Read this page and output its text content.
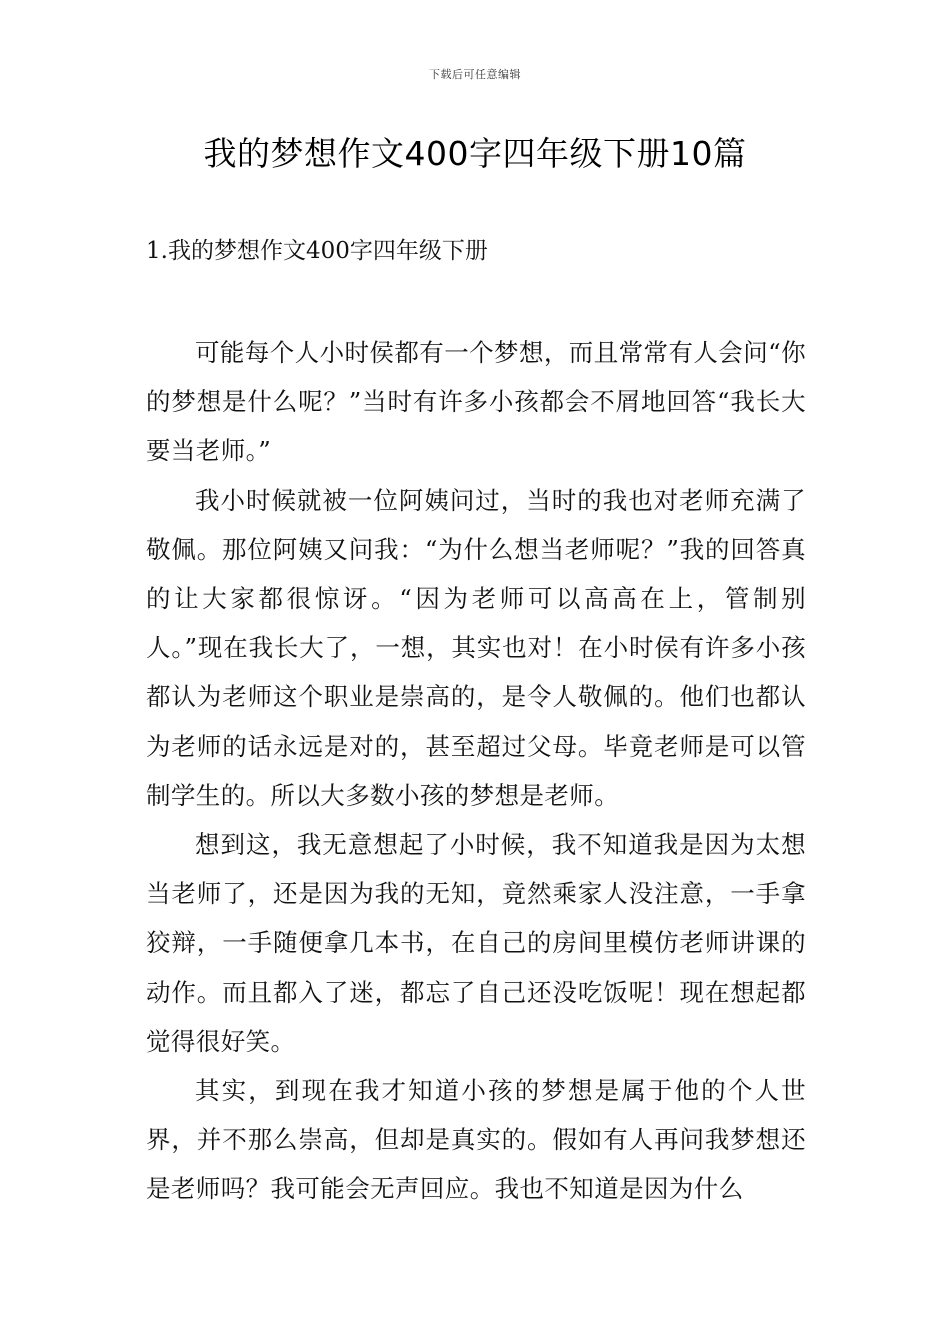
下载后可任意编辑
我的梦想作文400字四年级下册10篇
1.我的梦想作文400字四年级下册

可能每个人小时侯都有一个梦想，而且常常有人会问“你的梦想是什么呢？”当时有许多小孩都会不屑地回答“我长大要当老师。”

我小时候就被一位阿姨问过，当时的我也对老师充满了敬佩。那位阿姨又问我：“为什么想当老师呢？”我的回答真的让大家都很惊讶。“因为老师可以高高在上，管制别人。”现在我长大了，一想，其实也对！在小时侯有许多小孩都认为老师这个职业是崇高的，是令人敬佩的。他们也都认为老师的话永远是对的，甚至超过父母。毕竟老师是可以管制学生的。所以大多数小孩的梦想是老师。

想到这，我无意想起了小时候，我不知道我是因为太想当老师了，还是因为我的无知，竟然乘家人没注意，一手拿狡辩，一手随便拿几本书，在自己的房间里模仿老师讲课的动作。而且都入了迷，都忘了自己还没吃饭呢！现在想起都觉得很好笑。

其实，到现在我才知道小孩的梦想是属于他的个人世界，并不那么崇高，但却是真实的。假如有人再问我梦想还是老师吗？我可能会无声回应。我也不知道是因为什么
